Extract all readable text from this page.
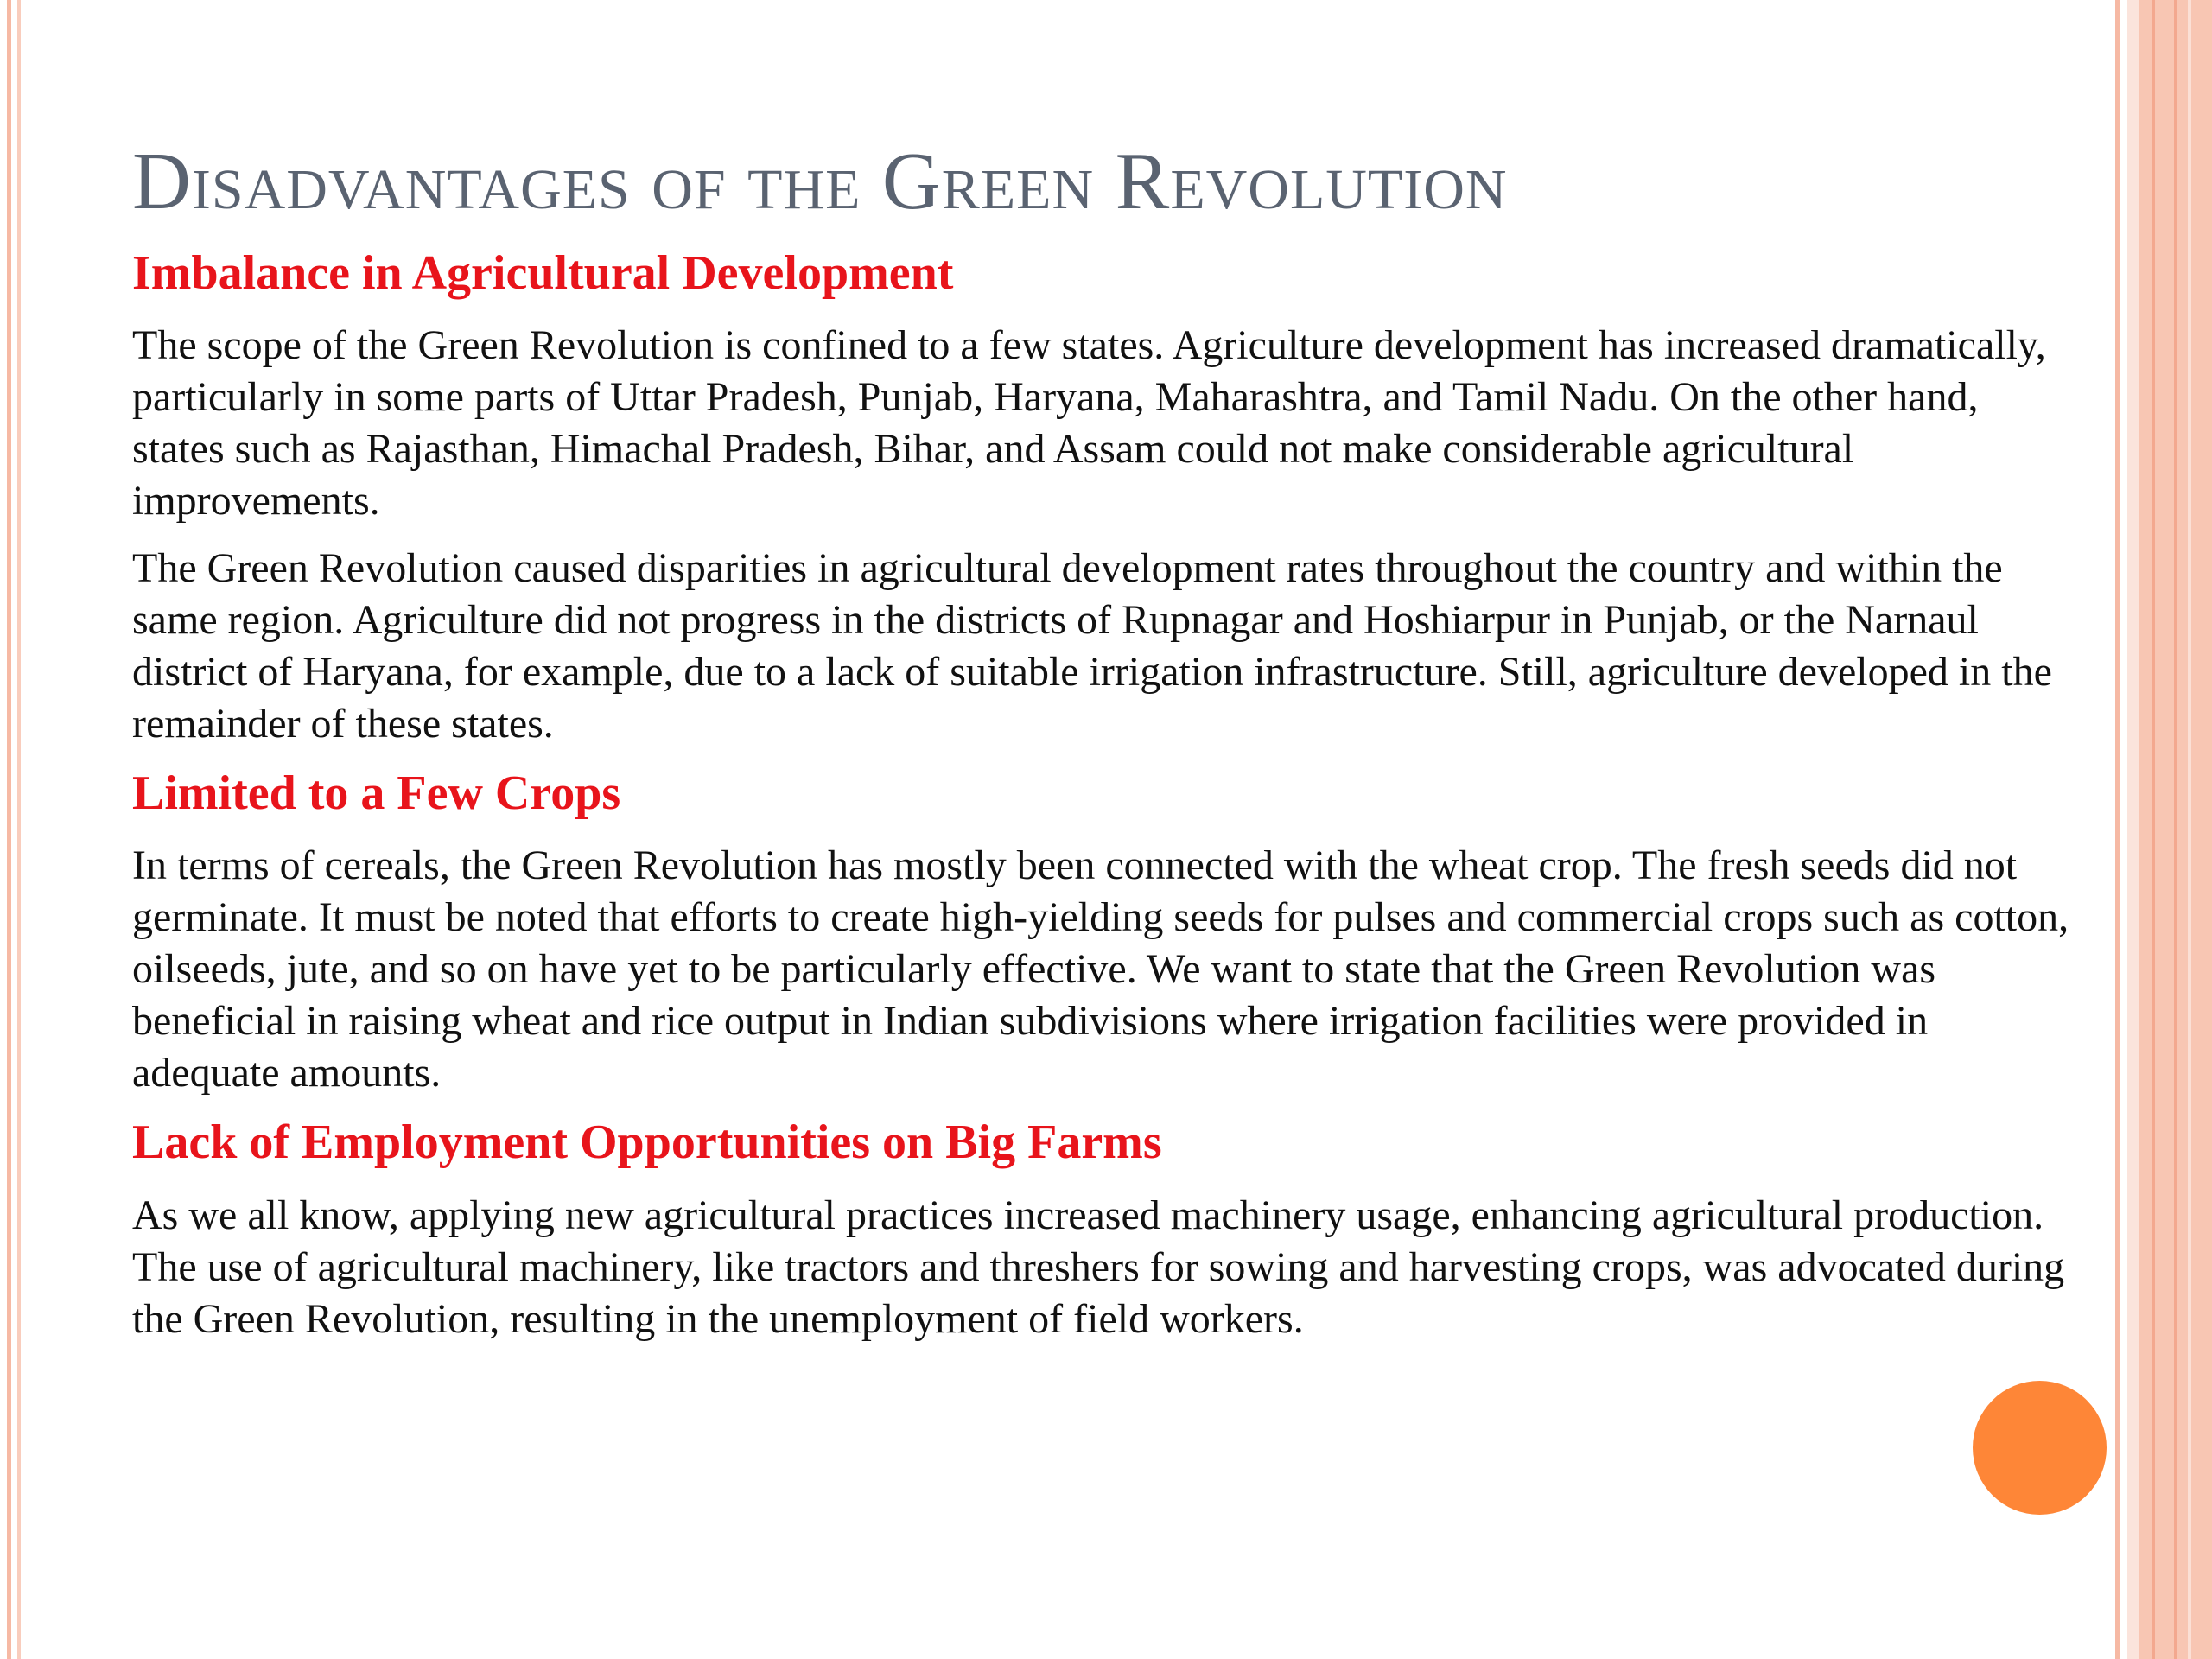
Disadvantages of the Green Revolution
Imbalance in Agricultural Development

The scope of the Green Revolution is confined to a few states. Agriculture development has increased dramatically, particularly in some parts of Uttar Pradesh, Punjab, Haryana, Maharashtra, and Tamil Nadu. On the other hand, states such as Rajasthan, Himachal Pradesh, Bihar, and Assam could not make considerable agricultural improvements.

The Green Revolution caused disparities in agricultural development rates throughout the country and within the same region. Agriculture did not progress in the districts of Rupnagar and Hoshiarpur in Punjab, or the Narnaul district of Haryana, for example, due to a lack of suitable irrigation infrastructure. Still, agriculture developed in the remainder of these states.

Limited to a Few Crops

In terms of cereals, the Green Revolution has mostly been connected with the wheat crop. The fresh seeds did not germinate. It must be noted that efforts to create high-yielding seeds for pulses and commercial crops such as cotton, oilseeds, jute, and so on have yet to be particularly effective. We want to state that the Green Revolution was beneficial in raising wheat and rice output in Indian subdivisions where irrigation facilities were provided in adequate amounts.

Lack of Employment Opportunities on Big Farms

As we all know, applying new agricultural practices increased machinery usage, enhancing agricultural production. The use of agricultural machinery, like tractors and threshers for sowing and harvesting crops, was advocated during the Green Revolution, resulting in the unemployment of field workers.
